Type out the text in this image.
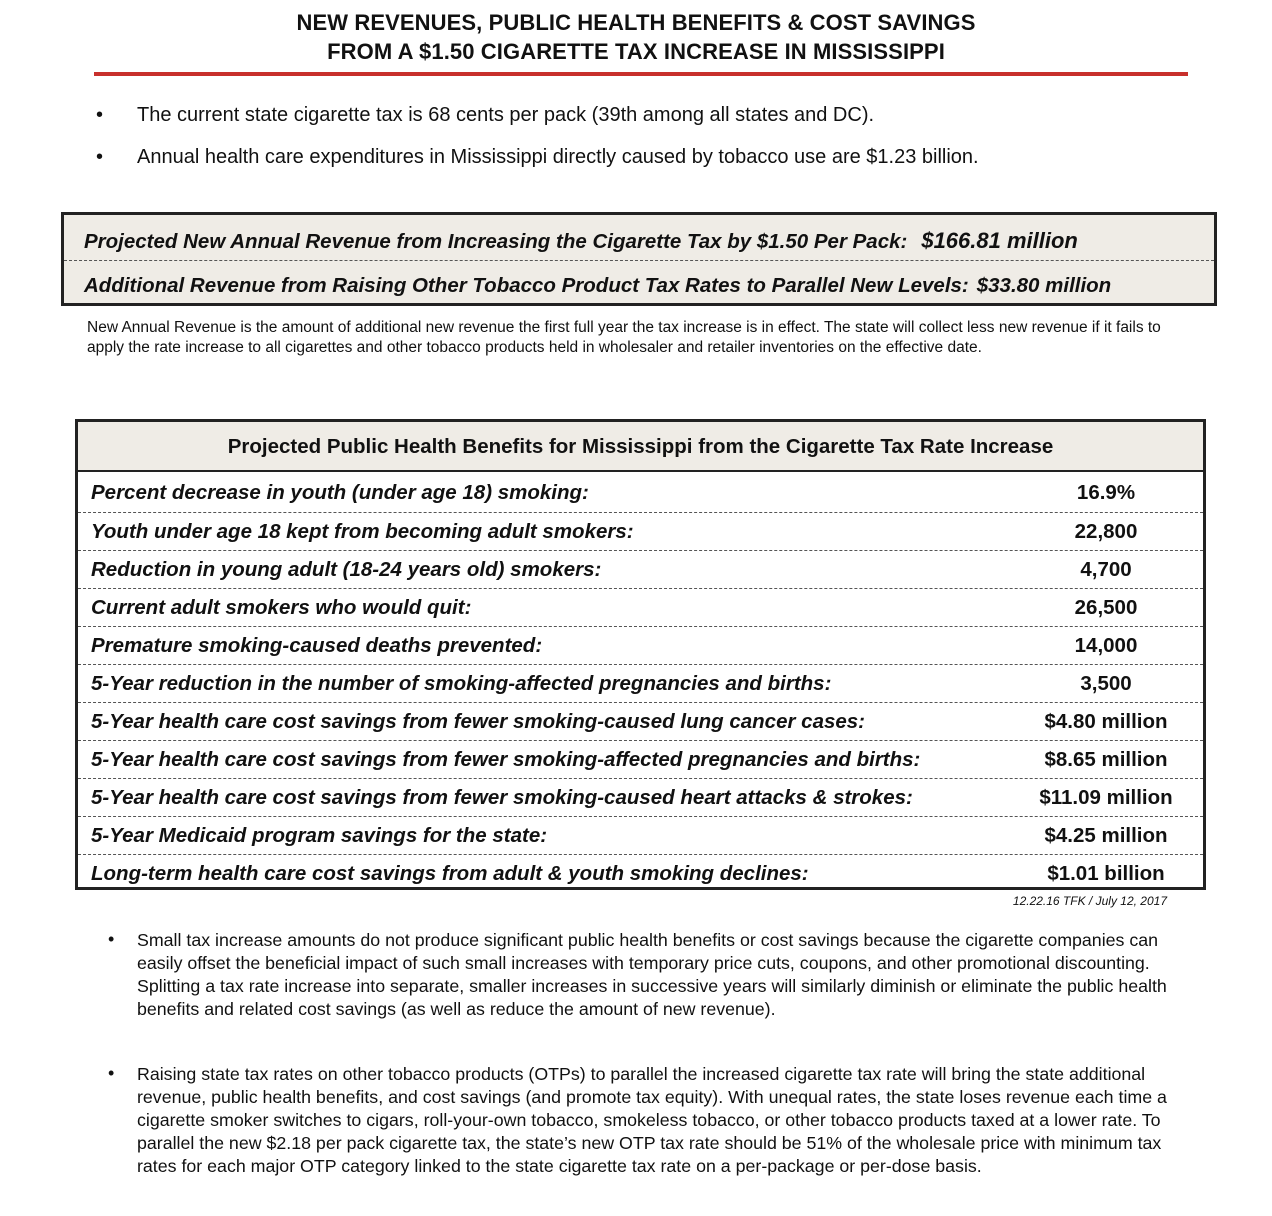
NEW REVENUES, PUBLIC HEALTH BENEFITS & COST SAVINGS
FROM A $1.50 CIGARETTE TAX INCREASE IN MISSISSIPPI
• The current state cigarette tax is 68 cents per pack (39th among all states and DC).
• Annual health care expenditures in Mississippi directly caused by tobacco use are $1.23 billion.
Projected New Annual Revenue from Increasing the Cigarette Tax by $1.50 Per Pack: $166.81 million
Additional Revenue from Raising Other Tobacco Product Tax Rates to Parallel New Levels: $33.80 million
New Annual Revenue is the amount of additional new revenue the first full year the tax increase is in effect. The state will collect less new revenue if it fails to apply the rate increase to all cigarettes and other tobacco products held in wholesaler and retailer inventories on the effective date.
Projected Public Health Benefits for Mississippi from the Cigarette Tax Rate Increase
Percent decrease in youth (under age 18) smoking:	16.9%
Youth under age 18 kept from becoming adult smokers:	22,800
Reduction in young adult (18-24 years old) smokers:	4,700
Current adult smokers who would quit:	26,500
Premature smoking-caused deaths prevented:	14,000
5-Year reduction in the number of smoking-affected pregnancies and births:	3,500
5-Year health care cost savings from fewer smoking-caused lung cancer cases:	$4.80 million
5-Year health care cost savings from fewer smoking-affected pregnancies and births:	$8.65 million
5-Year health care cost savings from fewer smoking-caused heart attacks & strokes:	$11.09 million
5-Year Medicaid program savings for the state:	$4.25 million
Long-term health care cost savings from adult & youth smoking declines:	$1.01 billion
12.22.16 TFK / July 12, 2017
• Small tax increase amounts do not produce significant public health benefits or cost savings because the cigarette companies can easily offset the beneficial impact of such small increases with temporary price cuts, coupons, and other promotional discounting. Splitting a tax rate increase into separate, smaller increases in successive years will similarly diminish or eliminate the public health benefits and related cost savings (as well as reduce the amount of new revenue).
• Raising state tax rates on other tobacco products (OTPs) to parallel the increased cigarette tax rate will bring the state additional revenue, public health benefits, and cost savings (and promote tax equity). With unequal rates, the state loses revenue each time a cigarette smoker switches to cigars, roll-your-own tobacco, smokeless tobacco, or other tobacco products taxed at a lower rate. To parallel the new $2.18 per pack cigarette tax, the state’s new OTP tax rate should be 51% of the wholesale price with minimum tax rates for each major OTP category linked to the state cigarette tax rate on a per-package or per-dose basis.
